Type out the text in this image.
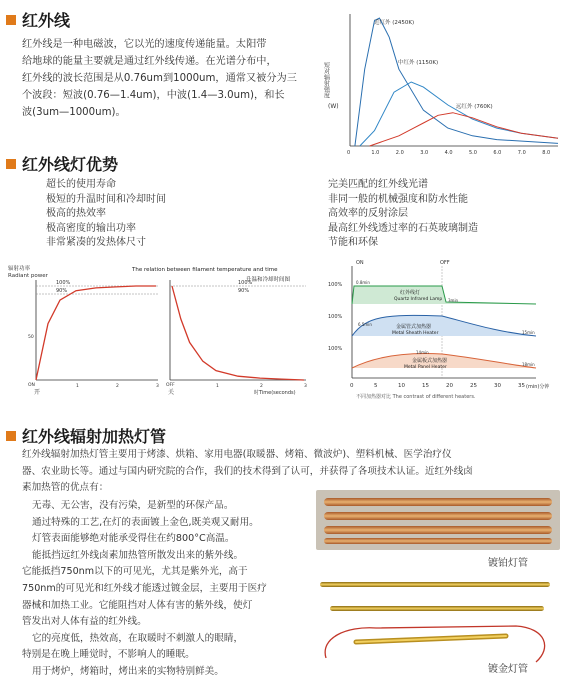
红外线
红外线是一种电磁波，它以光的速度传递能量。太阳带
给地球的能量主要就是通过红外线传递。在光谱分布中，
红外线的波长范围是从0.76um到1000um，通常又被分为三
个波段：短波(0.76—1.4um)，中波(1.4—3.0um)，和长
波(3um—1000um)。
短对辐射强度
(W)
0	1.0	2.0	3.0	4.0	5.0	6.0	7.0	8.0
近红外 (2450K)
中红外 (1150K)
远红外 (760K)
红外线灯优势
超长的使用寿命
极短的升温时间和冷却时间
极高的热效率
极高密度的输出功率
非常紧凑的发热体尺寸
完美匹配的红外线光谱
非同一般的机械强度和防水性能
高效率的反射涂层
最高红外线透过率的石英玻璃制造
节能和环保
辐射功率
Radiant power
The relation between filament temperature and time
升温和冷却时间图
100%
90%
50
ON
开
100%
90%
OFF
关	时Time(seconds)
1	2	3	1	2	3
ON	OFF
100%
100%
100%
红外线灯
Quartz Infrared Lamp
0.8min
3min
金属管式加热器
Metal Sheath Heater
6.5min
15min
金属板式加热器
Metal Panel Heater
14min
18min
0	5	10	15	20	25	30	35 (min)分钟
不同加热器对比 The contrast of different heaters.
红外线辐射加热灯管
红外线辐射加热灯管主要用于烤漆、烘箱、家用电器(取暖器、烤箱、微波炉)、塑料机械、医学治疗仪
器、农业助长等。通过与国内研究院的合作，我们的技术得到了认可，并获得了各项技术认证。近红外线卤
素加热管的优点有：
无毒、无公害，没有污染，是新型的环保产品。
通过特殊的工艺,在灯的表面镀上金色,既美观又耐用。
灯管表面能够绝对能承受得住在约800°C高温。
能抵挡远红外线卤素加热管所散发出来的紫外线。
它能抵挡750nm以下的可见光，尤其是紫外光，高于
750nm的可见光和红外线才能透过镀金层，主要用于医疗
器械和加热工业。它能阻挡对人体有害的紫外线，使灯
管发出对人体有益的红外线。
它的亮度低，热效高，在取暖时不刺激人的眼睛，
特别是在晚上睡觉时，不影响人的睡眠。
用于烤炉，烤箱时，烤出来的实物特别鲜美。
镀铂灯管
镀金灯管
